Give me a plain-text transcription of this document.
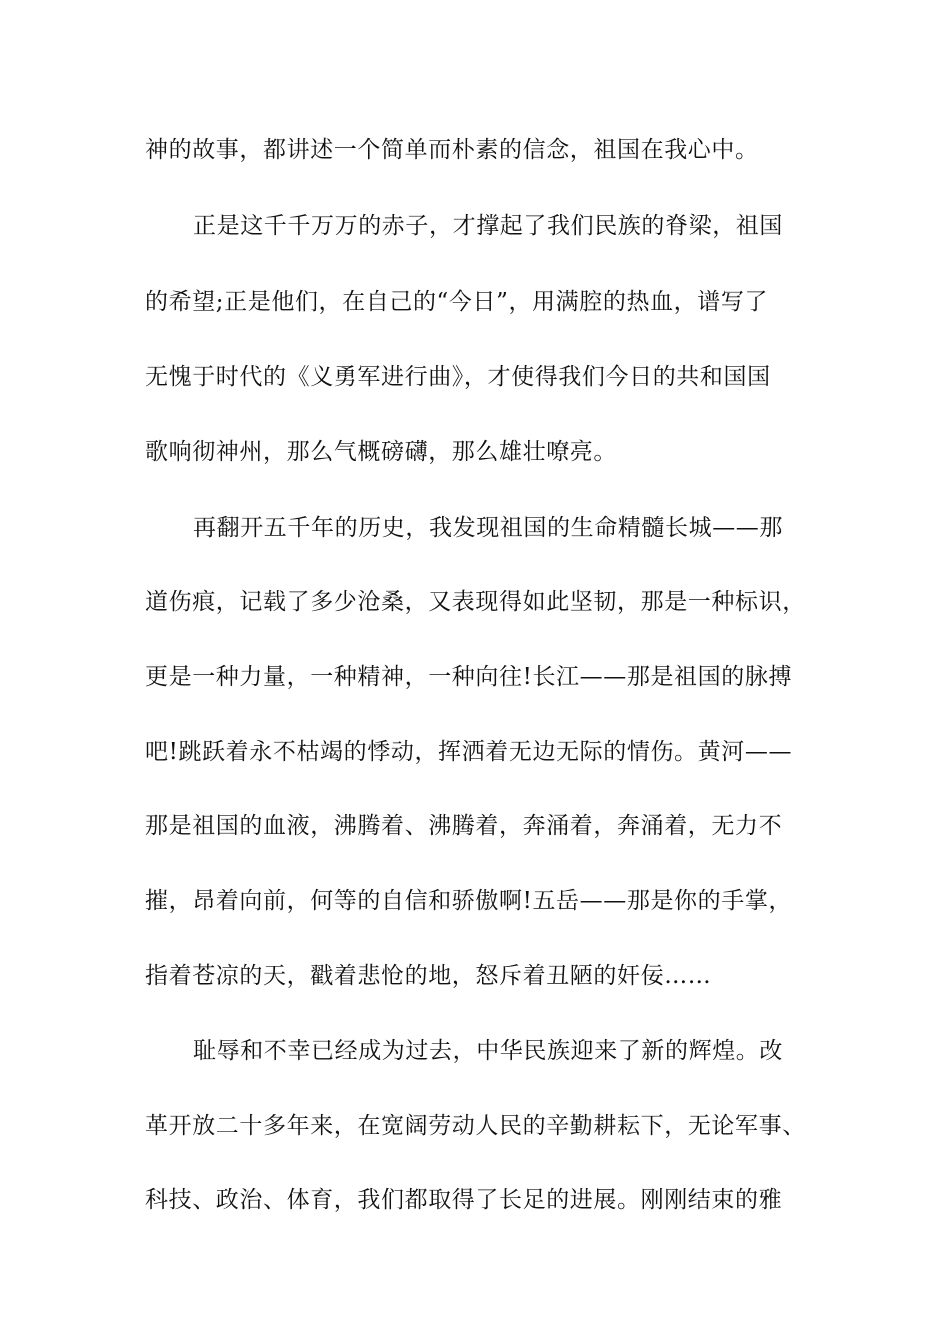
神的故事，都讲述一个简单而朴素的信念，祖国在我心中。
正是这千千万万的赤子，才撑起了我们民族的脊梁，祖国
的希望;正是他们，在自己的“今日”，用满腔的热血，谱写了
无愧于时代的《义勇军进行曲》，才使得我们今日的共和国国
歌响彻神州，那么气概磅礴，那么雄壮嘹亮。
再翻开五千年的历史，我发现祖国的生命精髓长城——那
道伤痕，记载了多少沧桑，又表现得如此坚韧，那是一种标识，
更是一种力量，一种精神，一种向往!长江——那是祖国的脉搏
吧!跳跃着永不枯竭的悸动，挥洒着无边无际的情伤。黄河——
那是祖国的血液，沸腾着、沸腾着，奔涌着，奔涌着，无力不
摧，昂着向前，何等的自信和骄傲啊!五岳——那是你的手掌，
指着苍凉的天，戳着悲怆的地，怒斥着丑陋的奸佞……
耻辱和不幸已经成为过去，中华民族迎来了新的辉煌。改
革开放二十多年来，在宽阔劳动人民的辛勤耕耘下，无论军事、
科技、政治、体育，我们都取得了长足的进展。刚刚结束的雅
